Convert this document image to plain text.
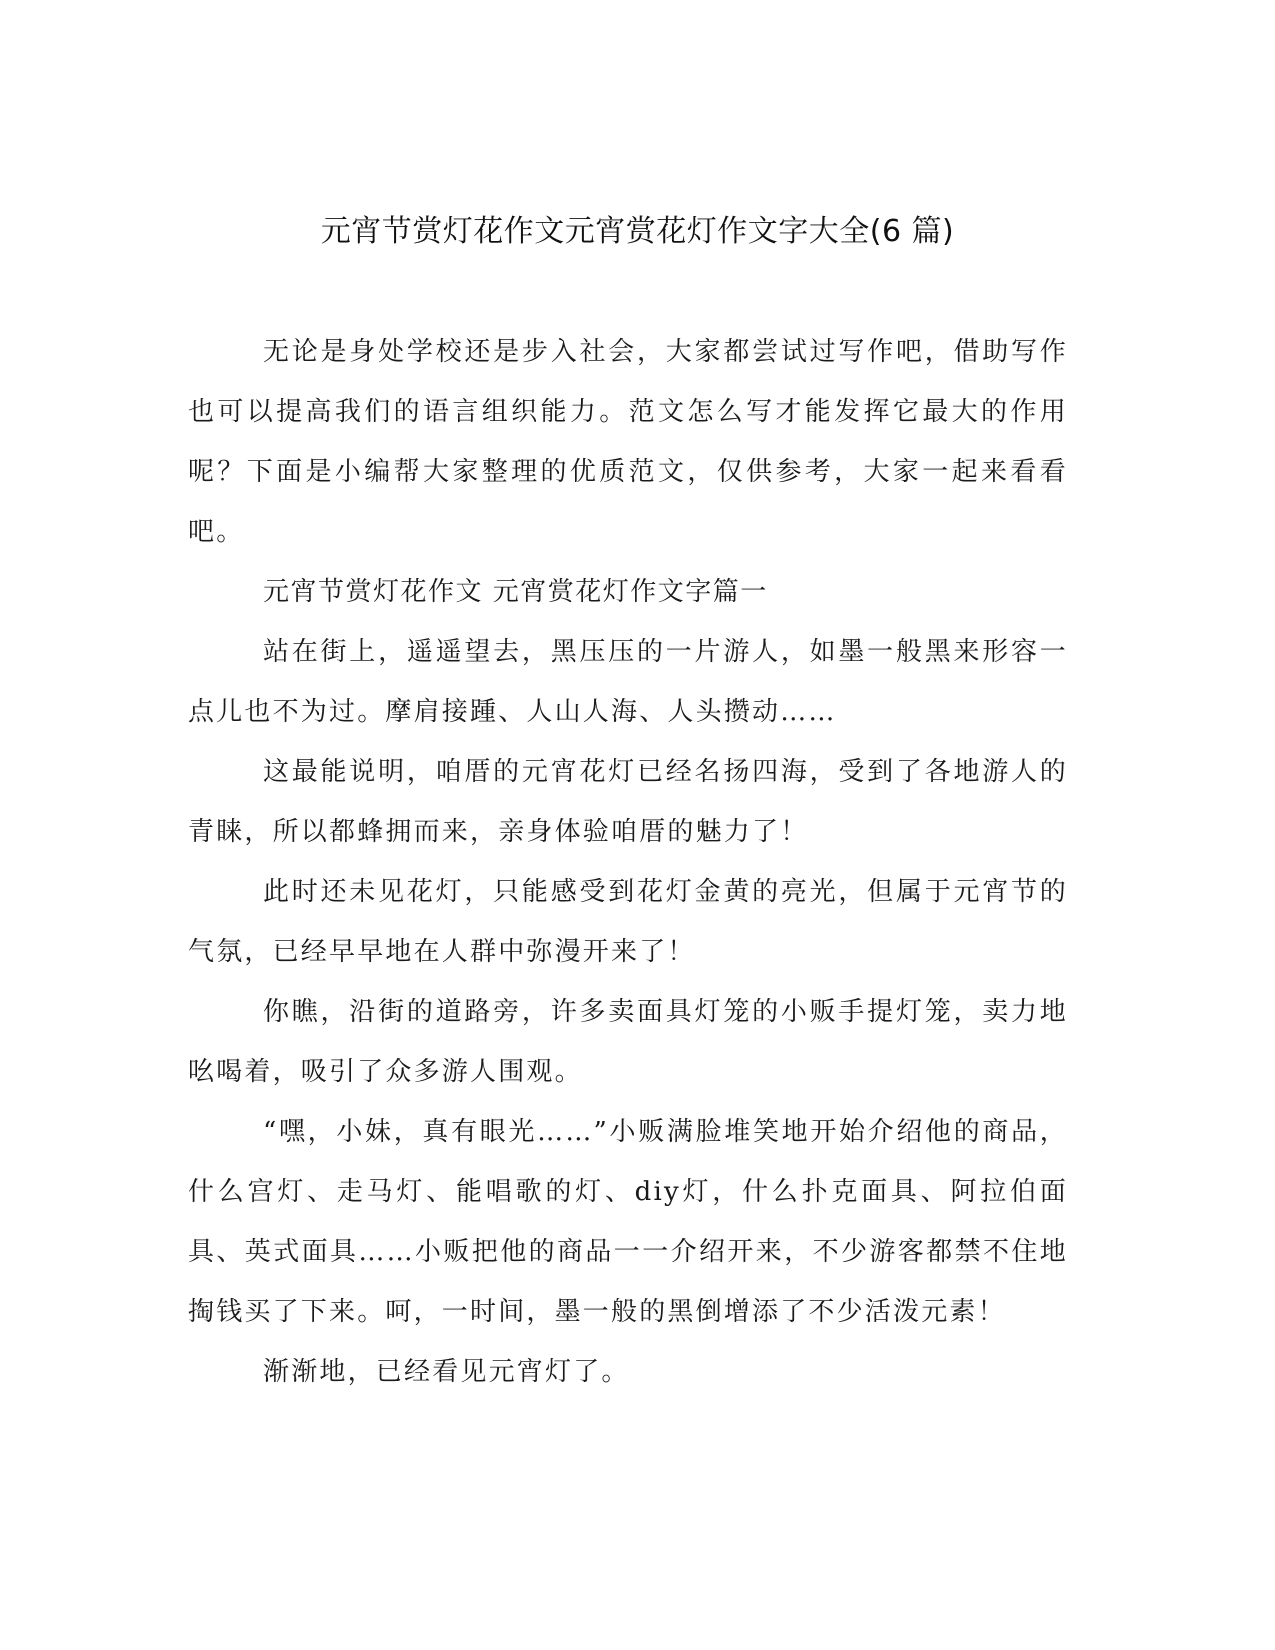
元宵节赏灯花作文元宵赏花灯作文字大全(6 篇)

无论是身处学校还是步入社会，大家都尝试过写作吧，借助写作也可以提高我们的语言组织能力。范文怎么写才能发挥它最大的作用呢？下面是小编帮大家整理的优质范文，仅供参考，大家一起来看看吧。

元宵节赏灯花作文 元宵赏花灯作文字篇一

站在街上，遥遥望去，黑压压的一片游人，如墨一般黑来形容一点儿也不为过。摩肩接踵、人山人海、人头攒动……

这最能说明，咱厝的元宵花灯已经名扬四海，受到了各地游人的青睐，所以都蜂拥而来，亲身体验咱厝的魅力了！

此时还未见花灯，只能感受到花灯金黄的亮光，但属于元宵节的气氛，已经早早地在人群中弥漫开来了！

你瞧，沿街的道路旁，许多卖面具灯笼的小贩手提灯笼，卖力地吆喝着，吸引了众多游人围观。

“嘿，小妹，真有眼光……”小贩满脸堆笑地开始介绍他的商品，什么宫灯、走马灯、能唱歌的灯、diy灯，什么扑克面具、阿拉伯面具、英式面具……小贩把他的商品一一介绍开来，不少游客都禁不住地掏钱买了下来。呵，一时间，墨一般的黑倒增添了不少活泼元素！

渐渐地，已经看见元宵灯了。
